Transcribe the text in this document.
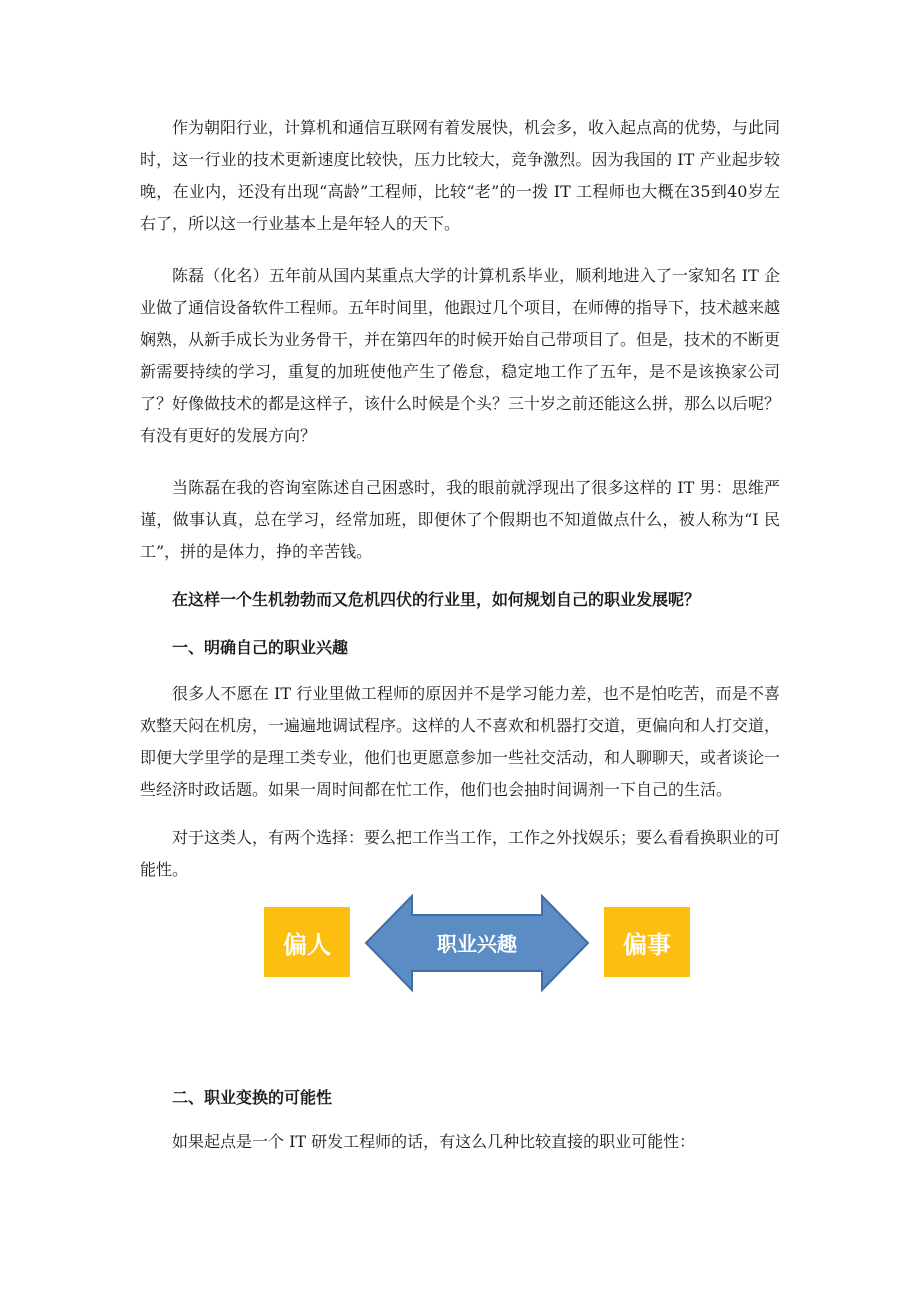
作为朝阳行业，计算机和通信互联网有着发展快，机会多，收入起点高的优势，与此同时，这一行业的技术更新速度比较快，压力比较大，竞争激烈。因为我国的 IT 产业起步较晚，在业内，还没有出现“高龄”工程师，比较“老”的一拨 IT 工程师也大概在35到40岁左右了，所以这一行业基本上是年轻人的天下。

陈磊（化名）五年前从国内某重点大学的计算机系毕业，顺利地进入了一家知名 IT 企业做了通信设备软件工程师。五年时间里，他跟过几个项目，在师傅的指导下，技术越来越娴熟，从新手成长为业务骨干，并在第四年的时候开始自己带项目了。但是，技术的不断更新需要持续的学习，重复的加班使他产生了倦怠，稳定地工作了五年，是不是该换家公司了？好像做技术的都是这样子，该什么时候是个头？三十岁之前还能这么拼，那么以后呢？有没有更好的发展方向？

当陈磊在我的咨询室陈述自己困惑时，我的眼前就浮现出了很多这样的 IT 男：思维严谨，做事认真，总在学习，经常加班，即便休了个假期也不知道做点什么，被人称为“I 民工”，拼的是体力，挣的辛苦钱。

在这样一个生机勃勃而又危机四伏的行业里，如何规划自己的职业发展呢？

一、明确自己的职业兴趣

很多人不愿在 IT 行业里做工程师的原因并不是学习能力差，也不是怕吃苦，而是不喜欢整天闷在机房，一遍遍地调试程序。这样的人不喜欢和机器打交道，更偏向和人打交道，即便大学里学的是理工类专业，他们也更愿意参加一些社交活动，和人聊聊天，或者谈论一些经济时政话题。如果一周时间都在忙工作，他们也会抽时间调剂一下自己的生活。

对于这类人，有两个选择：要么把工作当工作，工作之外找娱乐；要么看看换职业的可能性。

偏人	职业兴趣
www.xinjingying.com
偏事

二、职业变换的可能性

如果起点是一个 IT 研发工程师的话，有这么几种比较直接的职业可能性：
